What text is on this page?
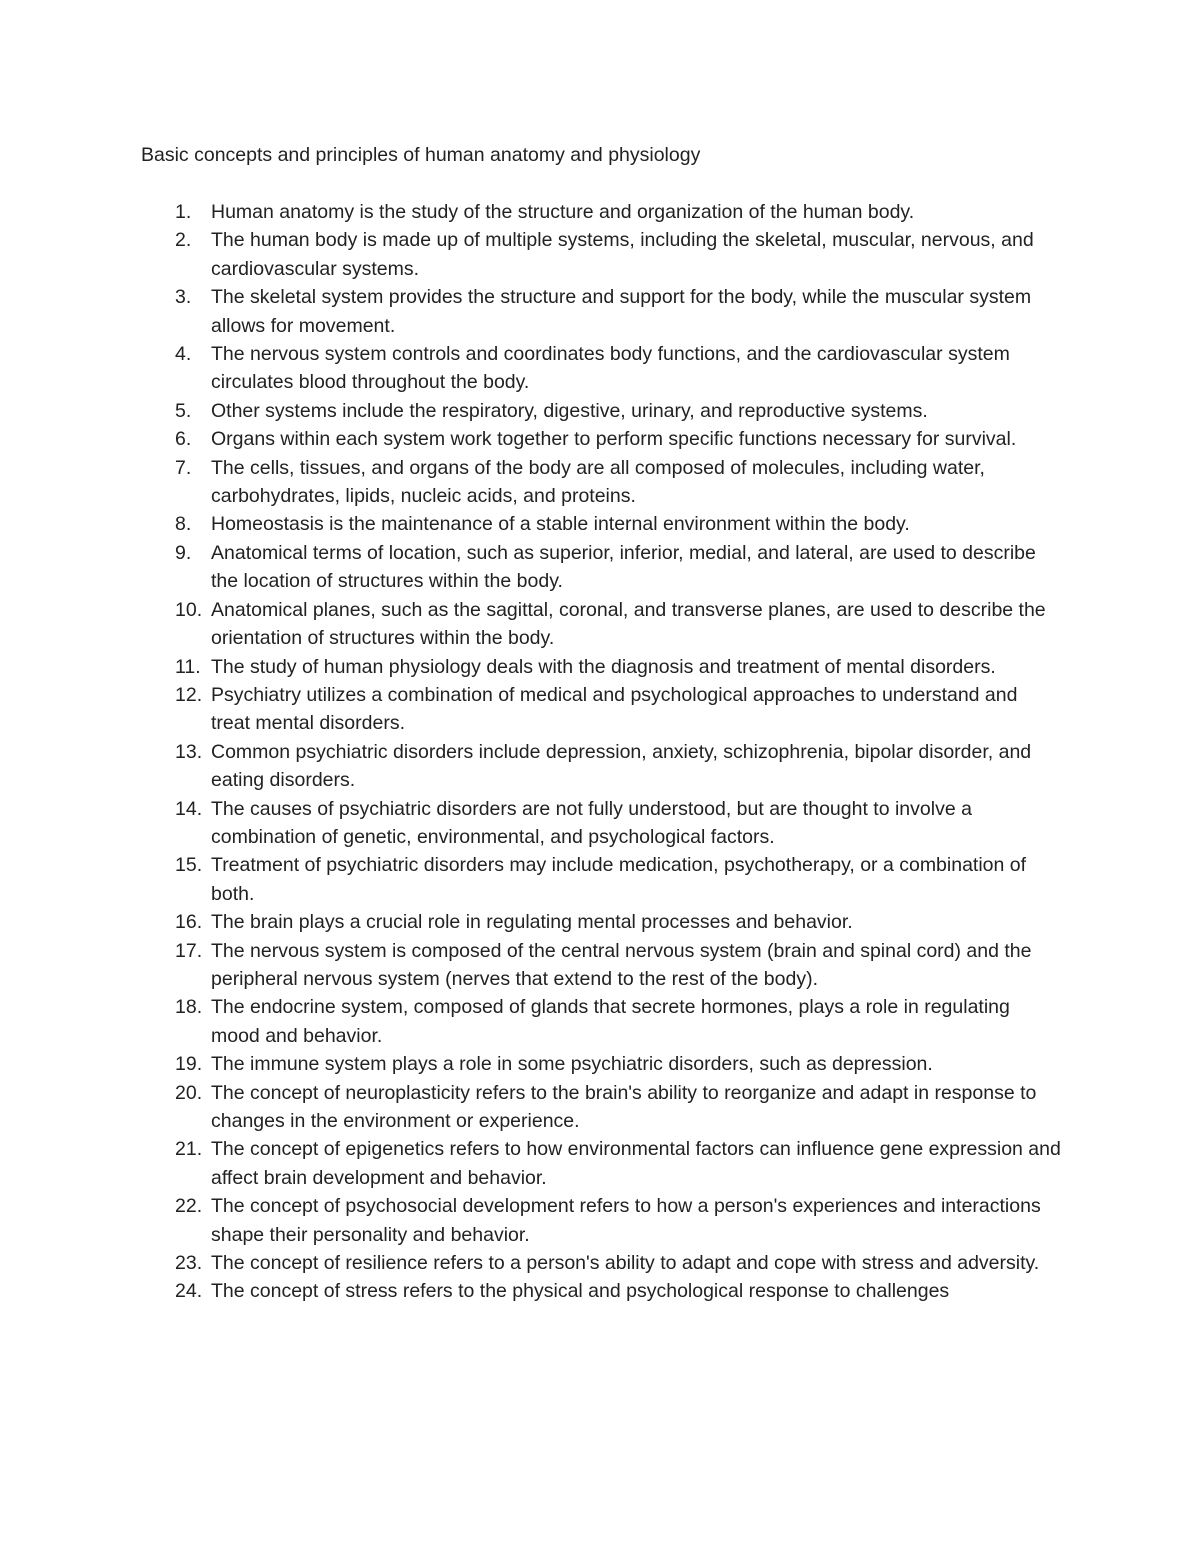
Basic concepts and principles of human anatomy and physiology
1. Human anatomy is the study of the structure and organization of the human body.
2. The human body is made up of multiple systems, including the skeletal, muscular, nervous, and cardiovascular systems.
3. The skeletal system provides the structure and support for the body, while the muscular system allows for movement.
4. The nervous system controls and coordinates body functions, and the cardiovascular system circulates blood throughout the body.
5. Other systems include the respiratory, digestive, urinary, and reproductive systems.
6. Organs within each system work together to perform specific functions necessary for survival.
7. The cells, tissues, and organs of the body are all composed of molecules, including water, carbohydrates, lipids, nucleic acids, and proteins.
8. Homeostasis is the maintenance of a stable internal environment within the body.
9. Anatomical terms of location, such as superior, inferior, medial, and lateral, are used to describe the location of structures within the body.
10. Anatomical planes, such as the sagittal, coronal, and transverse planes, are used to describe the orientation of structures within the body.
11. The study of human physiology deals with the diagnosis and treatment of mental disorders.
12. Psychiatry utilizes a combination of medical and psychological approaches to understand and treat mental disorders.
13. Common psychiatric disorders include depression, anxiety, schizophrenia, bipolar disorder, and eating disorders.
14. The causes of psychiatric disorders are not fully understood, but are thought to involve a combination of genetic, environmental, and psychological factors.
15. Treatment of psychiatric disorders may include medication, psychotherapy, or a combination of both.
16. The brain plays a crucial role in regulating mental processes and behavior.
17. The nervous system is composed of the central nervous system (brain and spinal cord) and the peripheral nervous system (nerves that extend to the rest of the body).
18. The endocrine system, composed of glands that secrete hormones, plays a role in regulating mood and behavior.
19. The immune system plays a role in some psychiatric disorders, such as depression.
20. The concept of neuroplasticity refers to the brain's ability to reorganize and adapt in response to changes in the environment or experience.
21. The concept of epigenetics refers to how environmental factors can influence gene expression and affect brain development and behavior.
22. The concept of psychosocial development refers to how a person's experiences and interactions shape their personality and behavior.
23. The concept of resilience refers to a person's ability to adapt and cope with stress and adversity.
24. The concept of stress refers to the physical and psychological response to challenges
